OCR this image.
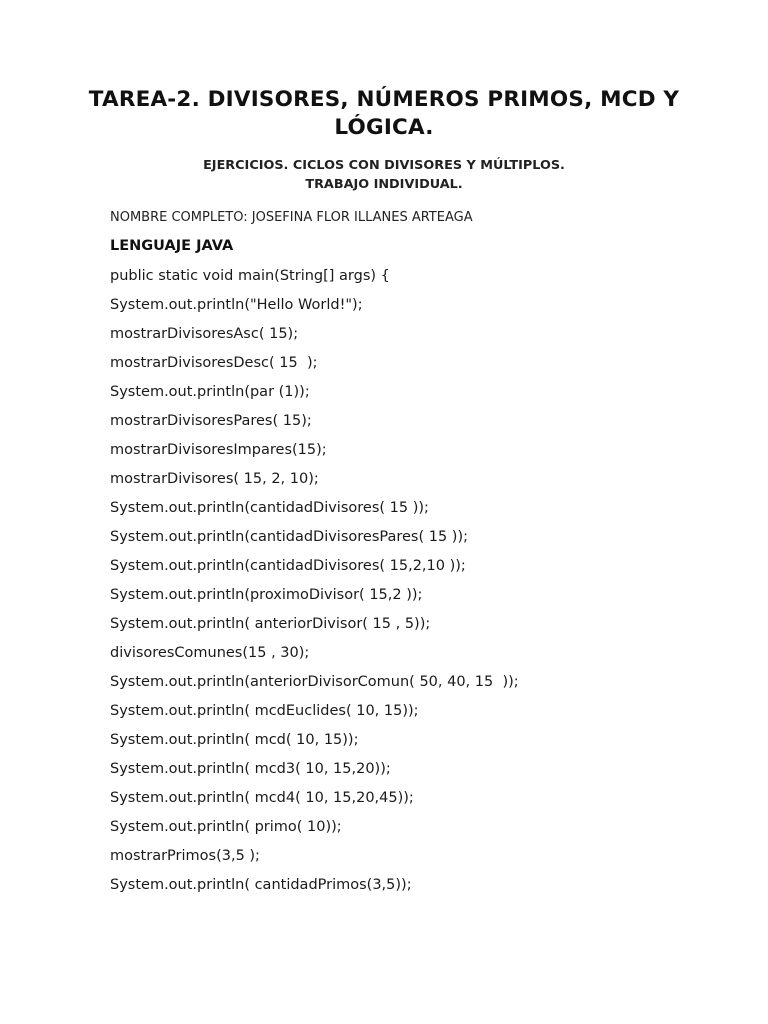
TAREA-2. DIVISORES, NÚMEROS PRIMOS, MCD Y
LÓGICA.
EJERCICIOS. CICLOS CON DIVISORES Y MÚLTIPLOS.
TRABAJO INDIVIDUAL.
NOMBRE COMPLETO: JOSEFINA FLOR ILLANES ARTEAGA
LENGUAJE JAVA
public static void main(String[] args) {
System.out.println("Hello World!");
mostrarDivisoresAsc( 15);
mostrarDivisoresDesc( 15  );
System.out.println(par (1));
mostrarDivisoresPares( 15);
mostrarDivisoresImpares(15);
mostrarDivisores( 15, 2, 10);
System.out.println(cantidadDivisores( 15 ));
System.out.println(cantidadDivisoresPares( 15 ));
System.out.println(cantidadDivisores( 15,2,10 ));
System.out.println(proximoDivisor( 15,2 ));
System.out.println( anteriorDivisor( 15 , 5));
divisoresComunes(15 , 30);
System.out.println(anteriorDivisorComun( 50, 40, 15  ));
System.out.println( mcdEuclides( 10, 15));
System.out.println( mcd( 10, 15));
System.out.println( mcd3( 10, 15,20));
System.out.println( mcd4( 10, 15,20,45));
System.out.println( primo( 10));
mostrarPrimos(3,5 );
System.out.println( cantidadPrimos(3,5));
